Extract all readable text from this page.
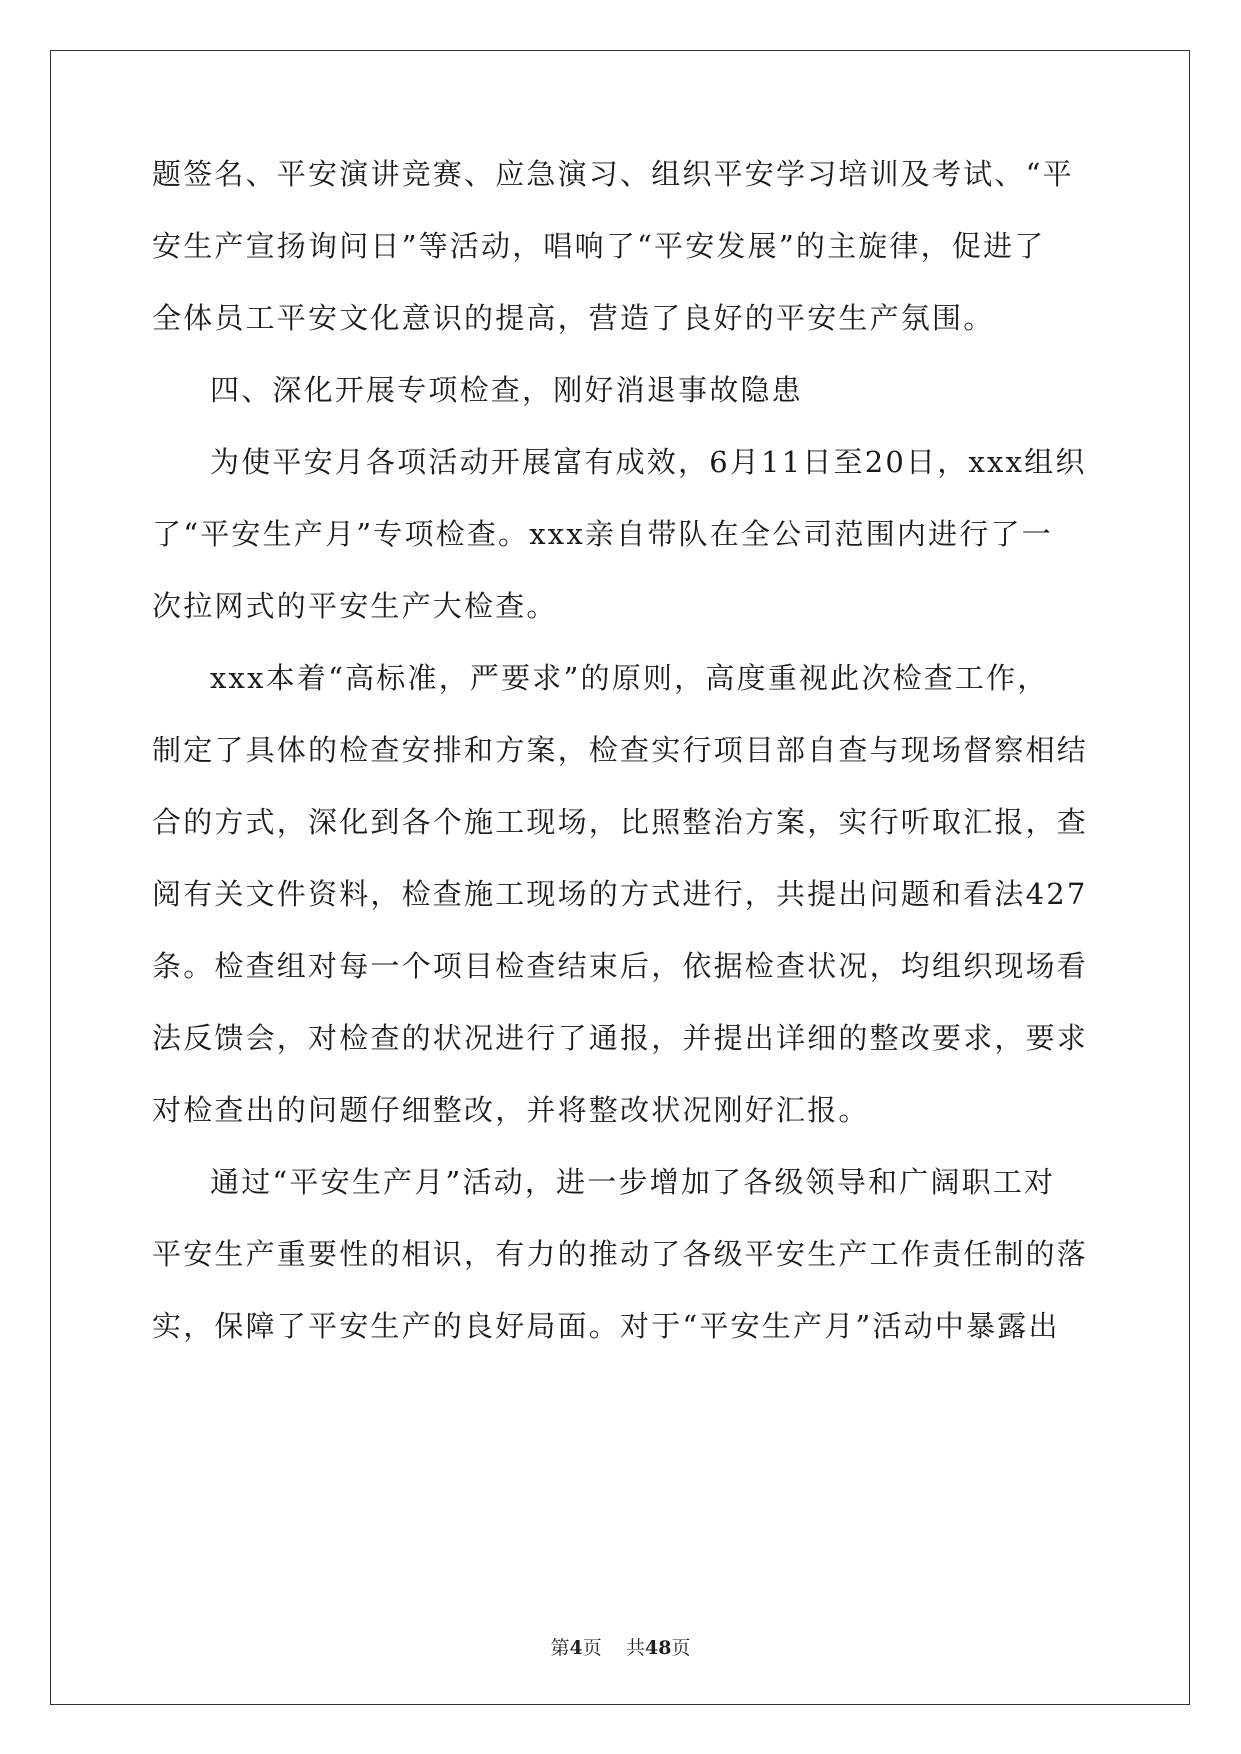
题签名、平安演讲竞赛、应急演习、组织平安学习培训及考试、“平
安生产宣扬询问日”等活动，唱响了“平安发展”的主旋律，促进了
全体员工平安文化意识的提高，营造了良好的平安生产氛围。
四、深化开展专项检查，刚好消退事故隐患
为使平安月各项活动开展富有成效，6月11日至20日，xxx组织
了“平安生产月”专项检查。xxx亲自带队在全公司范围内进行了一
次拉网式的平安生产大检查。
xxx本着“高标准，严要求”的原则，高度重视此次检查工作，
制定了具体的检查安排和方案，检查实行项目部自查与现场督察相结
合的方式，深化到各个施工现场，比照整治方案，实行听取汇报，查
阅有关文件资料，检查施工现场的方式进行，共提出问题和看法427
条。检查组对每一个项目检查结束后，依据检查状况，均组织现场看
法反馈会，对检查的状况进行了通报，并提出详细的整改要求，要求
对检查出的问题仔细整改，并将整改状况刚好汇报。
通过“平安生产月”活动，进一步增加了各级领导和广阔职工对
平安生产重要性的相识，有力的推动了各级平安生产工作责任制的落
实，保障了平安生产的良好局面。对于“平安生产月”活动中暴露出
第4页 共48页
